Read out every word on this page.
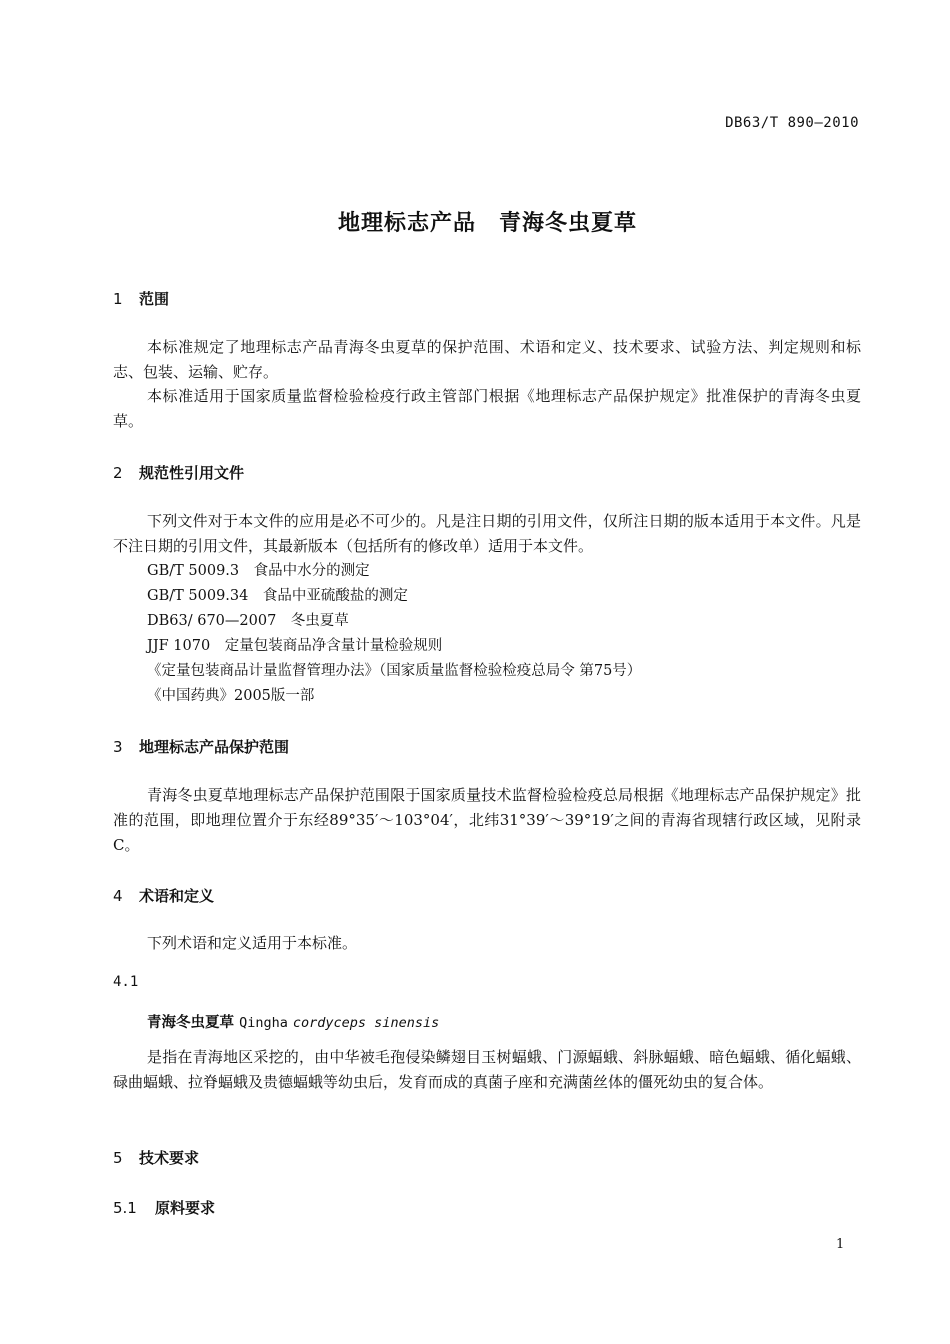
DB63/T 890—2010
地理标志产品　青海冬虫夏草
1 范围
本标准规定了地理标志产品青海冬虫夏草的保护范围、术语和定义、技术要求、试验方法、判定规则和标志、包装、运输、贮存。
本标准适用于国家质量监督检验检疫行政主管部门根据《地理标志产品保护规定》批准保护的青海冬虫夏草。
2 规范性引用文件
下列文件对于本文件的应用是必不可少的。凡是注日期的引用文件，仅所注日期的版本适用于本文件。凡是不注日期的引用文件，其最新版本（包括所有的修改单）适用于本文件。
GB/T 5009.3　食品中水分的测定
GB/T 5009.34　食品中亚硫酸盐的测定
DB63/ 670—2007　冬虫夏草
JJF 1070　定量包装商品净含量计量检验规则
《定量包装商品计量监督管理办法》（国家质量监督检验检疫总局令 第75号）
《中国药典》2005版一部
3 地理标志产品保护范围
青海冬虫夏草地理标志产品保护范围限于国家质量技术监督检验检疫总局根据《地理标志产品保护规定》批准的范围，即地理位置介于东经89°35′～103°04′，北纬31°39′～39°19′之间的青海省现辖行政区域，见附录C。
4 术语和定义
下列术语和定义适用于本标准。
4.1
青海冬虫夏草 Qingha cordyceps sinensis
是指在青海地区采挖的，由中华被毛孢侵染鳞翅目玉树蝠蛾、门源蝠蛾、斜脉蝠蛾、暗色蝠蛾、循化蝠蛾、碌曲蝠蛾、拉脊蝠蛾及贵德蝠蛾等幼虫后，发育而成的真菌子座和充满菌丝体的僵死幼虫的复合体。
5 技术要求
5.1 原料要求
1
